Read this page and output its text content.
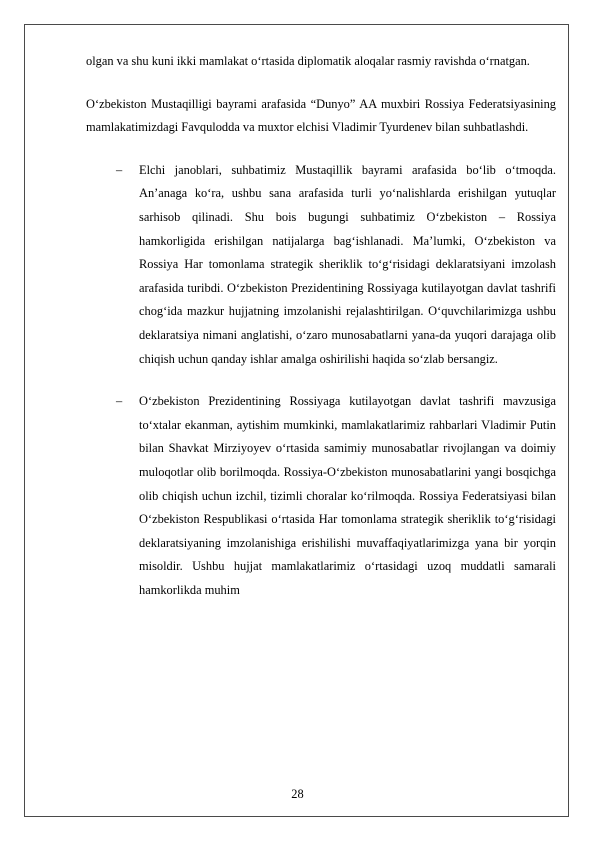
olgan va shu kuni ikki mamlakat o‘rtasida diplomatik aloqalar rasmiy ravishda o‘rnatgan.

O‘zbekiston Mustaqilligi bayrami arafasida “Dunyo” AA muxbiri Rossiya Federatsiyasining mamlakatimizdagi Favqulodda va muxtor elchisi Vladimir Tyurdenev bilan suhbatlashdi.

– Elchi janoblari, suhbatimiz Mustaqillik bayrami arafasida bo‘lib o‘tmoqda. An’anaga ko‘ra, ushbu sana arafasida turli yo‘nalishlarda erishilgan yutuqlar sarhisob qilinadi. Shu bois bugungi suhbatimiz O‘zbekiston – Rossiya hamkorligida erishilgan natijalarga bag‘ishlanadi. Ma’lumki, O‘zbekiston va Rossiya Har tomonlama strategik sheriklik to‘g‘risidagi deklaratsiyani imzolash arafasida turibdi. O‘zbekiston Prezidentining Rossiyaga kutilayotgan davlat tashrifi chog‘ida mazkur hujjatning imzolanishi rejalashtirilgan. O‘quvchilarimizga ushbu deklaratsiya nimani anglatishi, o‘zaro munosabatlarni yana-da yuqori darajaga olib chiqish uchun qanday ishlar amalga oshirilishi haqida so‘zlab bersangiz.
– O‘zbekiston Prezidentining Rossiyaga kutilayotgan davlat tashrifi mavzusiga to‘xtalar ekanman, aytishim mumkinki, mamlakatlarimiz rahbarlari Vladimir Putin bilan Shavkat Mirziyoyev o‘rtasida samimiy munosabatlar rivojlangan va doimiy muloqotlar olib borilmoqda. Rossiya-O‘zbekiston munosabatlarini yangi bosqichga olib chiqish uchun izchil, tizimli choralar ko‘rilmoqda. Rossiya Federatsiyasi bilan O‘zbekiston Respublikasi o‘rtasida Har tomonlama strategik sheriklik to‘g‘risidagi deklaratsiyaning imzolanishiga erishilishi muvaffaqiyatlarimizga yana bir yorqin misoldir. Ushbu hujjat mamlakatlarimiz o‘rtasidagi uzoq muddatli samarali hamkorlikda muhim
28
